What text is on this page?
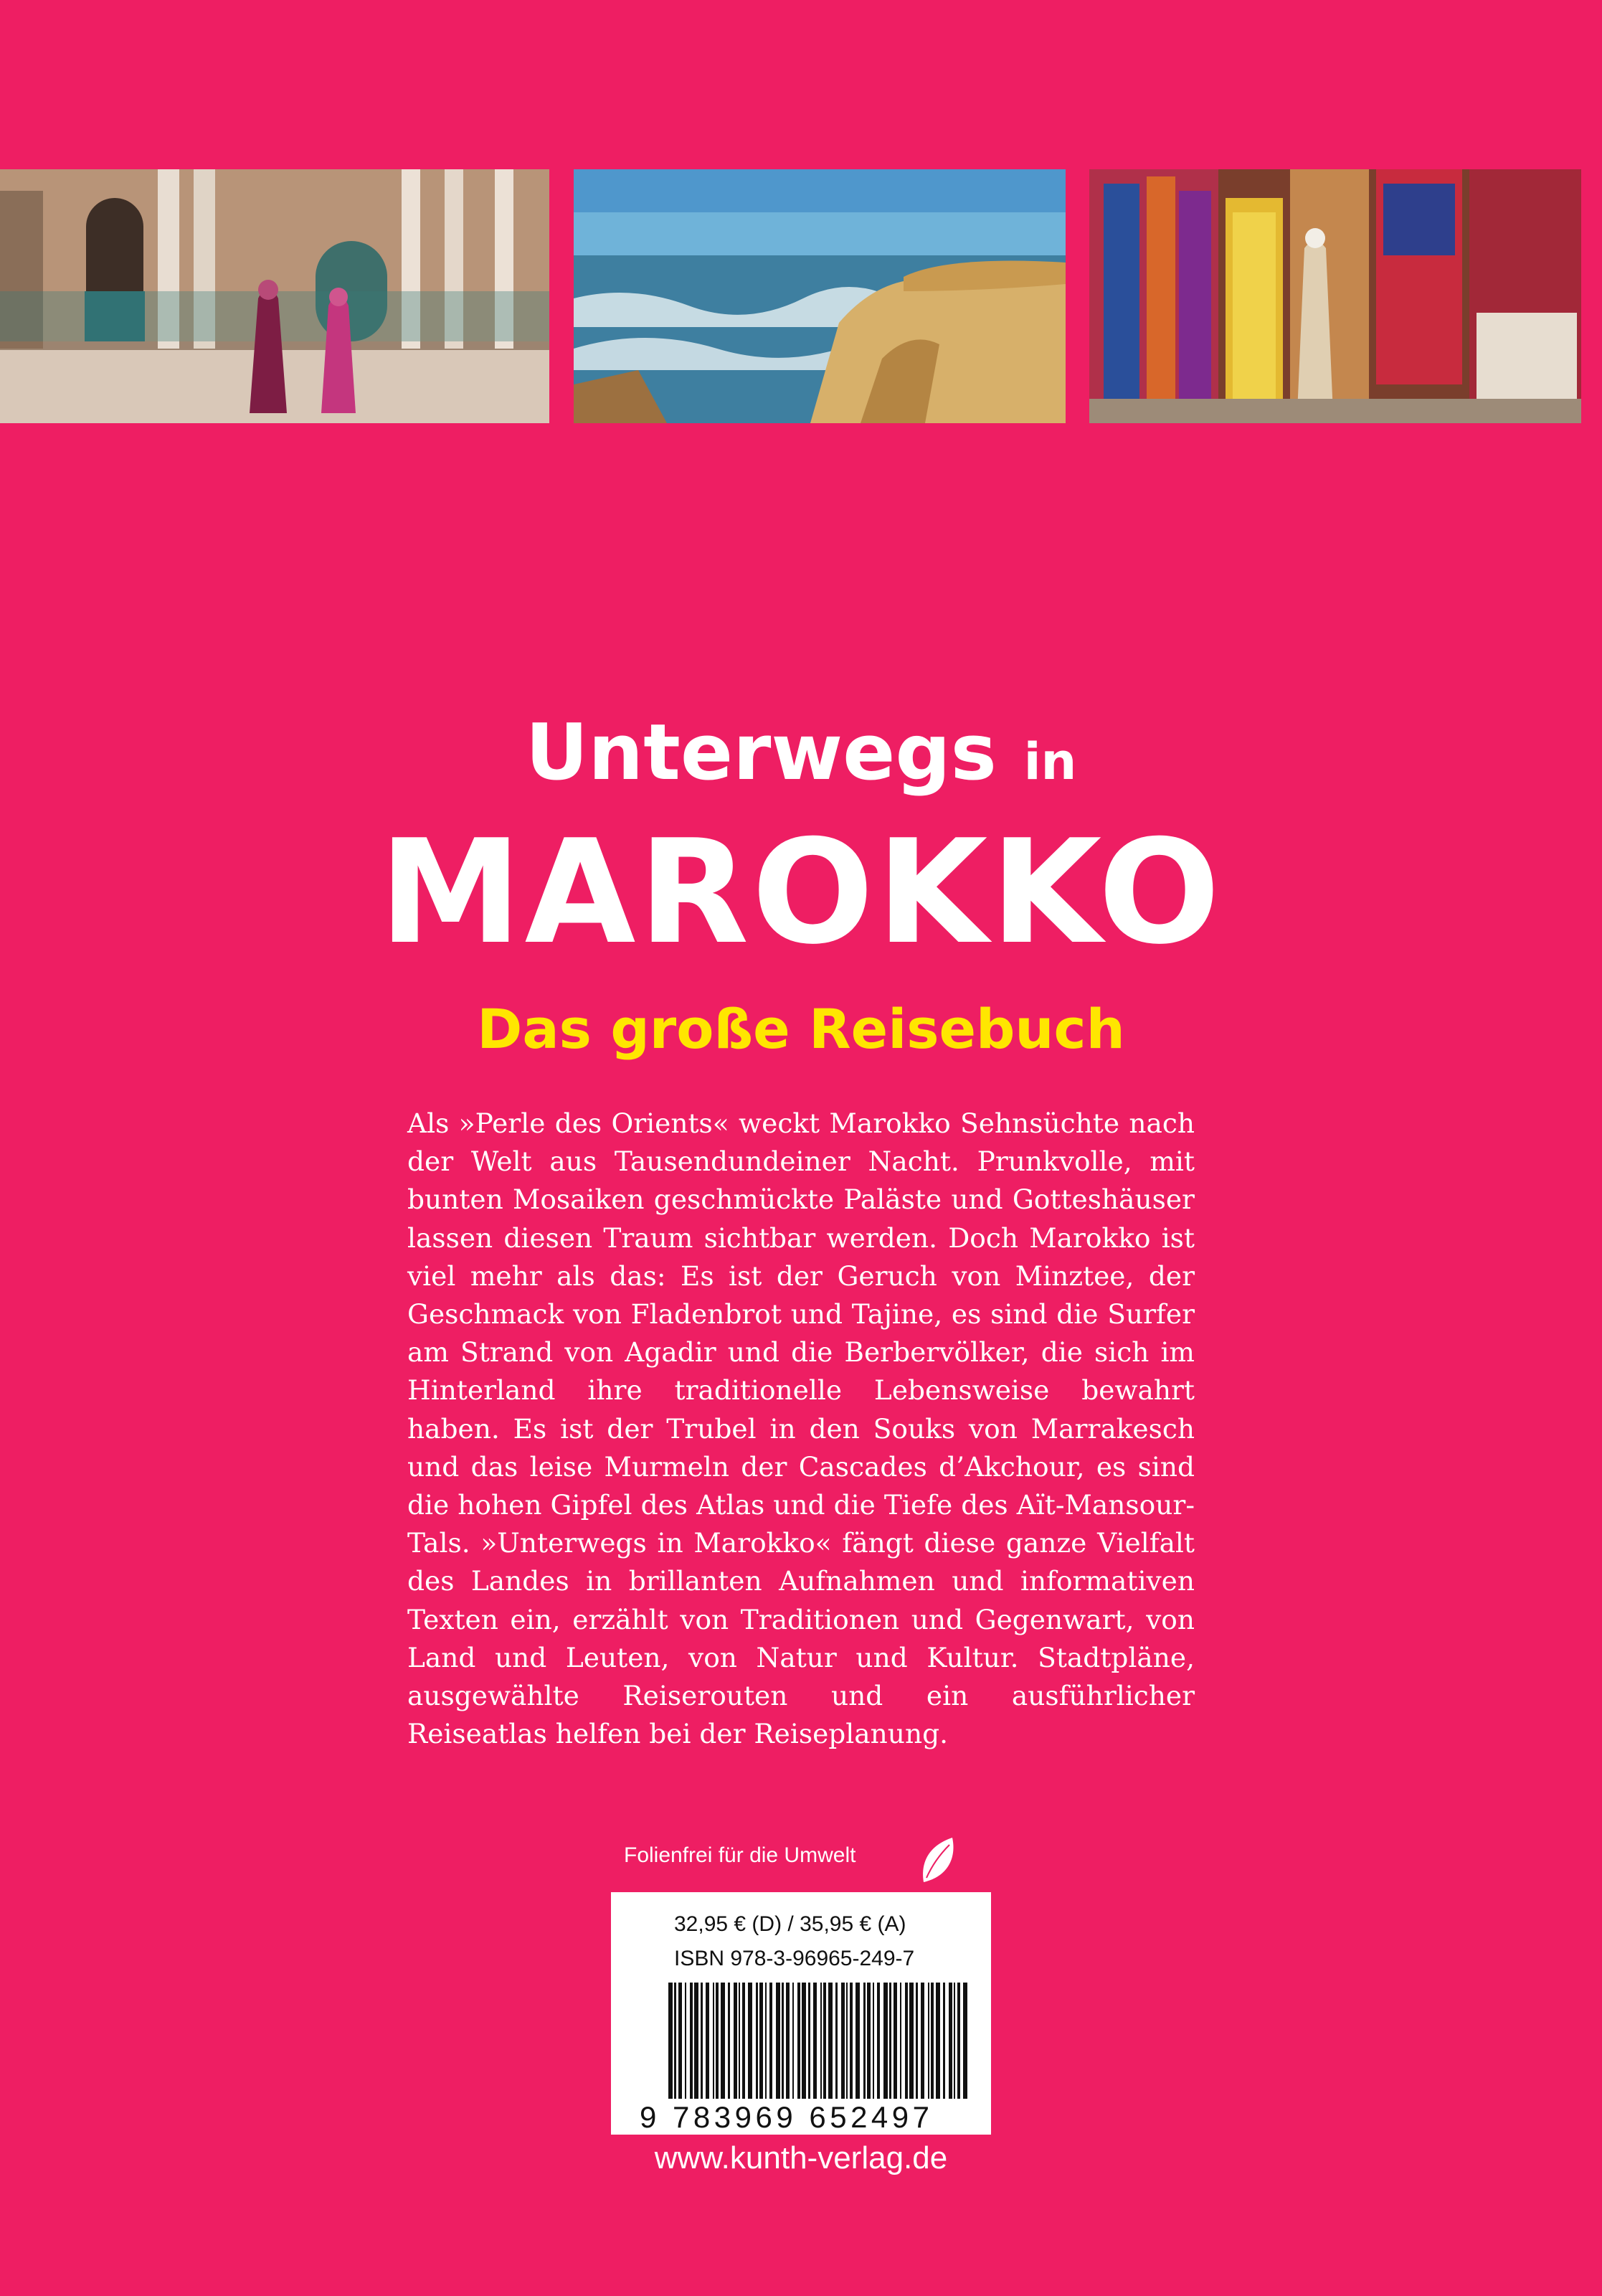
Unterwegs in
MAROKKO
Das große Reisebuch

Als »Perle des Orients« weckt Marokko Sehnsüchte nach der Welt aus Tausendundeiner Nacht. Prunkvolle, mit bunten Mosaiken geschmückte Paläste und Gotteshäuser lassen diesen Traum sichtbar werden. Doch Marokko ist viel mehr als das: Es ist der Geruch von Minztee, der Geschmack von Fladenbrot und Tajine, es sind die Surfer am Strand von Agadir und die Berbervölker, die sich im Hinterland ihre traditionelle Lebensweise bewahrt haben. Es ist der Trubel in den Souks von Marrakesch und das leise Murmeln der Cascades d’Akchour, es sind die hohen Gipfel des Atlas und die Tiefe des Aït-Mansour-Tals. »Unterwegs in Marokko« fängt diese ganze Vielfalt des Landes in brillanten Aufnahmen und informativen Texten ein, erzählt von Traditionen und Gegenwart, von Land und Leuten, von Natur und Kultur. Stadtpläne, ausgewählte Reiserouten und ein ausführlicher Reiseatlas helfen bei der Reiseplanung.

Folienfrei für die Umwelt
32,95 € (D) / 35,95 € (A)
ISBN 978-3-96965-249-7
9 783969 652497
www.kunth-verlag.de
